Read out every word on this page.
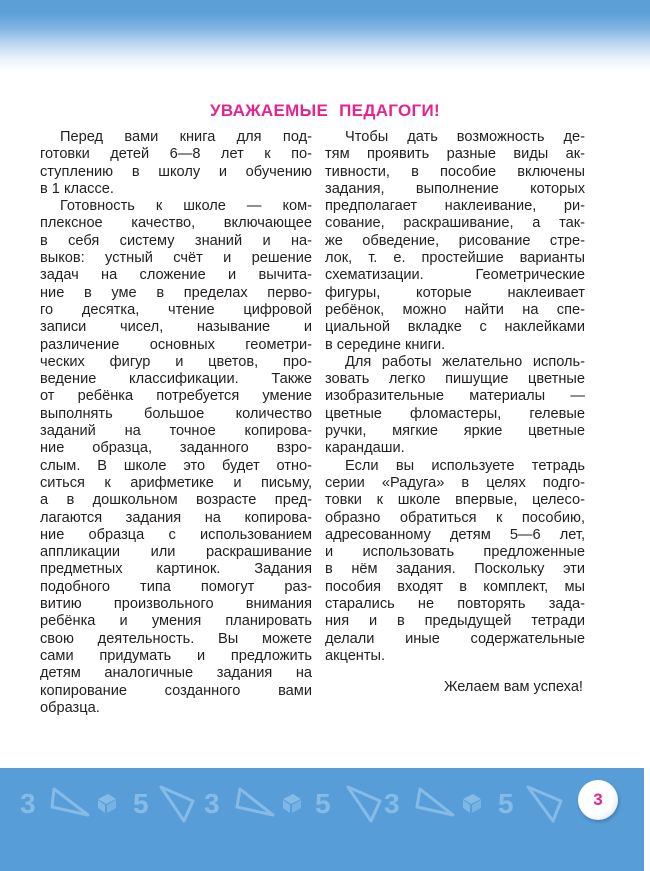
УВАЖАЕМЫЕ ПЕДАГОГИ!
Перед вами книга для под-
готовки детей 6—8 лет к по-
ступлению в школу и обучению
в 1 классе.
Готовность к школе — ком-
плексное качество, включающее
в себя систему знаний и на-
выков: устный счёт и решение
задач на сложение и вычита-
ние в уме в пределах перво-
го десятка, чтение цифровой
записи чисел, называние и
различение основных геометри-
ческих фигур и цветов, про-
ведение классификации. Также
от ребёнка потребуется умение
выполнять большое количество
заданий на точное копирова-
ние образца, заданного взро-
слым. В школе это будет отно-
ситься к арифметике и письму,
а в дошкольном возрасте пред-
лагаются задания на копирова-
ние образца с использованием
аппликации или раскрашивание
предметных картинок. Задания
подобного типа помогут раз-
витию произвольного внимания
ребёнка и умения планировать
свою деятельность. Вы можете
сами придумать и предложить
детям аналогичные задания на
копирование созданного вами
образца.
Чтобы дать возможность де-
тям проявить разные виды ак-
тивности, в пособие включены
задания, выполнение которых
предполагает наклеивание, ри-
сование, раскрашивание, а так-
же обведение, рисование стре-
лок, т. е. простейшие варианты
схематизации. Геометрические
фигуры, которые наклеивает
ребёнок, можно найти на спе-
циальной вкладке с наклейками
в середине книги.
Для работы желательно исполь-
зовать легко пишущие цветные
изобразительные материалы —
цветные фломастеры, гелевые
ручки, мягкие яркие цветные
карандаши.
Если вы используете тетрадь
серии «Радуга» в целях подго-
товки к школе впервые, целесо-
образно обратиться к пособию,
адресованному детям 5—6 лет,
и использовать предложенные
в нём задания. Поскольку эти
пособия входят в комплект, мы
старались не повторять зада-
ния и в предыдущей тетради
делали иные содержательные
акценты.
Желаем вам успеха!
3	5 3	5 3	5	3
